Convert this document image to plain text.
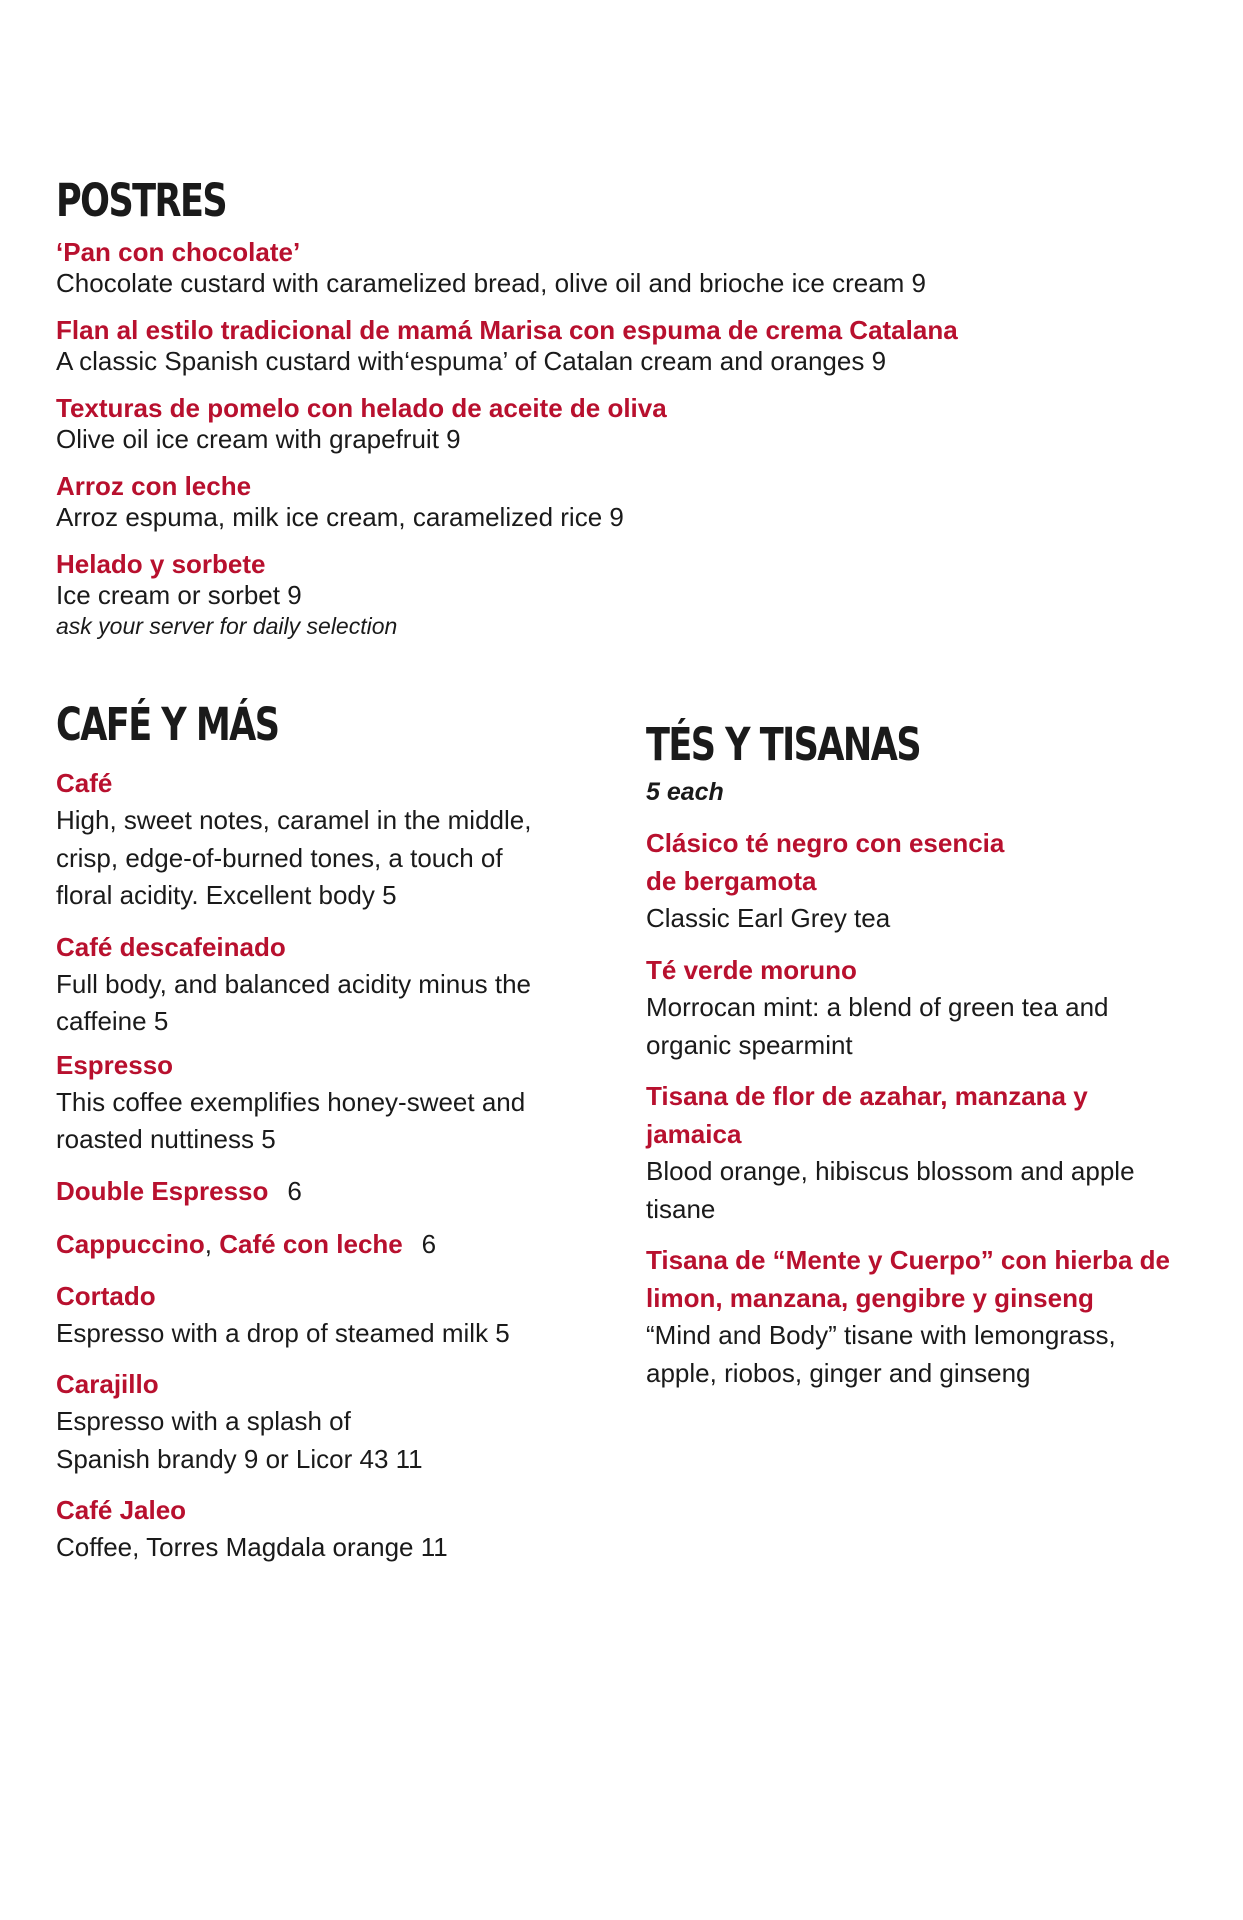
POSTRES
‘Pan con chocolate’
Chocolate custard with caramelized bread, olive oil and brioche ice cream 9
Flan al estilo tradicional de mamá Marisa con espuma de crema Catalana
A classic Spanish custard with‘espuma’ of Catalan cream and oranges 9
Texturas de pomelo con helado de aceite de oliva
Olive oil ice cream with grapefruit 9
Arroz con leche
Arroz espuma, milk ice cream, caramelized rice 9
Helado y sorbete
Ice cream or sorbet 9
ask your server for daily selection
CAFÉ Y MÁS
Café
High, sweet notes, caramel in the middle,
crisp, edge-of-burned tones, a touch of
floral acidity. Excellent body 5
Café descafeinado
Full body, and balanced acidity minus the
caffeine 5
Espresso
This coffee exemplifies honey-sweet and
roasted nuttiness 5
Double Espresso 6
Cappuccino, Café con leche 6
Cortado
Espresso with a drop of steamed milk 5
Carajillo
Espresso with a splash of
Spanish brandy 9 or Licor 43 11
Café Jaleo
Coffee, Torres Magdala orange 11
TÉS Y TISANAS
5 each
Clásico té negro con esencia
de bergamota
Classic Earl Grey tea
Té verde moruno
Morrocan mint: a blend of green tea and
organic spearmint
Tisana de flor de azahar, manzana y
jamaica
Blood orange, hibiscus blossom and apple
tisane
Tisana de “Mente y Cuerpo” con hierba de
limon, manzana, gengibre y ginseng
“Mind and Body” tisane with lemongrass,
apple, riobos, ginger and ginseng
